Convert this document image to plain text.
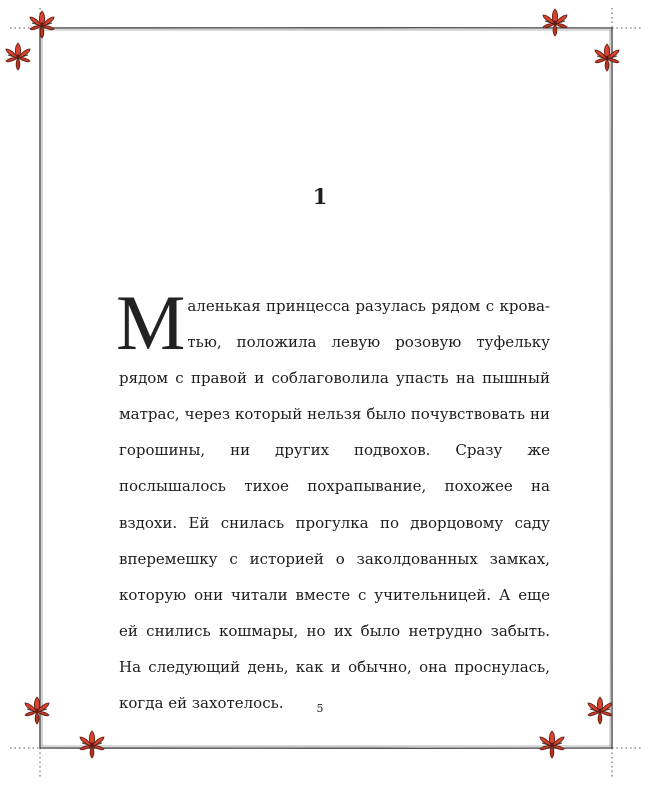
1

Маленькая принцесса разулась рядом с кроватью, положила левую розовую туфельку рядом с правой и соблаговолила упасть на пышный матрас, через который нельзя было почувствовать ни горошины, ни других подвохов. Сразу же послышалось тихое похрапывание, похожее на вздохи. Ей снилась прогулка по дворцовому саду вперемешку с историей о заколдованных замках, которую они читали вместе с учительницей. А еще ей снились кошмары, но их было нетрудно забыть. На следующий день, как и обычно, она проснулась, когда ей захотелось.	5
